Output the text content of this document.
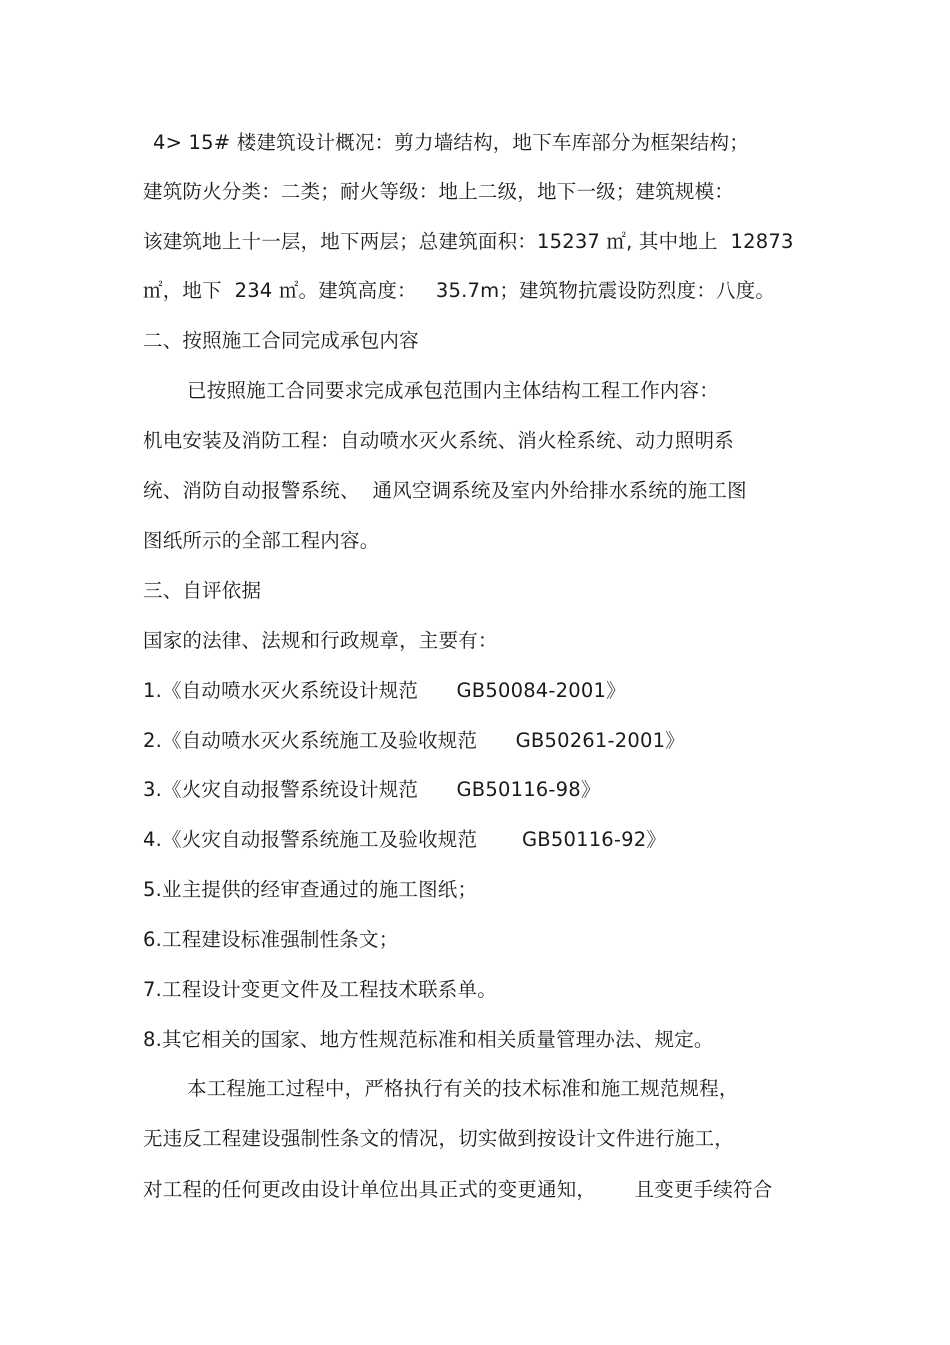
4> 15# 楼建筑设计概况：剪力墙结构，地下车库部分为框架结构；
建筑防火分类：二类；耐火等级：地上二级，地下一级；建筑规模：
该建筑地上十一层，地下两层；总建筑面积：15237 ㎡, 其中地上  12873
㎡，地下  234 ㎡。建筑高度：   35.7m；建筑物抗震设防烈度：八度。
二、按照施工合同完成承包内容
已按照施工合同要求完成承包范围内主体结构工程工作内容：
机电安装及消防工程：自动喷水灭火系统、消火栓系统、动力照明系
统、消防自动报警系统、  通风空调系统及室内外给排水系统的施工图
图纸所示的全部工程内容。
三、自评依据
国家的法律、法规和行政规章，主要有：
1.《自动喷水灭火系统设计规范      GB50084-2001》
2.《自动喷水灭火系统施工及验收规范      GB50261-2001》
3.《火灾自动报警系统设计规范      GB50116-98》
4.《火灾自动报警系统施工及验收规范       GB50116-92》
5.业主提供的经审查通过的施工图纸；
6.工程建设标准强制性条文；
7.工程设计变更文件及工程技术联系单。
8.其它相关的国家、地方性规范标准和相关质量管理办法、规定。
本工程施工过程中，严格执行有关的技术标准和施工规范规程，
无违反工程建设强制性条文的情况，切实做到按设计文件进行施工，
对工程的任何更改由设计单位出具正式的变更通知，      且变更手续符合
